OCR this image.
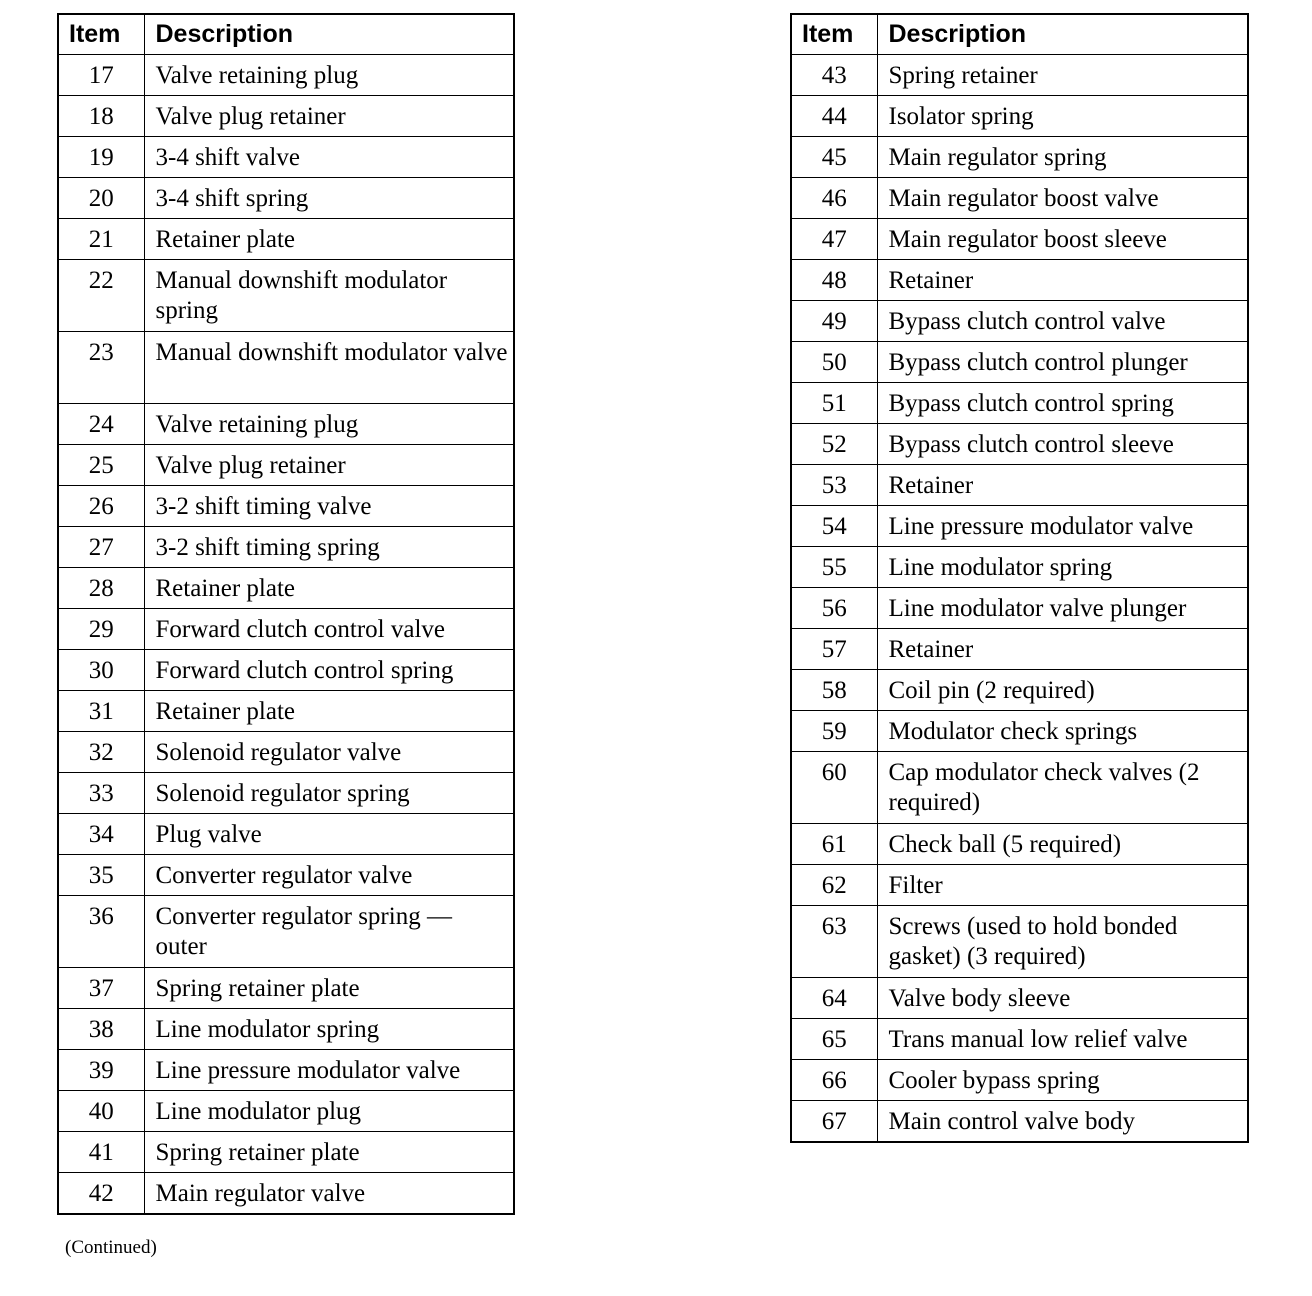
Item	Description
17	Valve retaining plug
18	Valve plug retainer
19	3-4 shift valve
20	3-4 shift spring
21	Retainer plate
22	Manual downshift modulator spring
23	Manual downshift modulator valve
24	Valve retaining plug
25	Valve plug retainer
26	3-2 shift timing valve
27	3-2 shift timing spring
28	Retainer plate
29	Forward clutch control valve
30	Forward clutch control spring
31	Retainer plate
32	Solenoid regulator valve
33	Solenoid regulator spring
34	Plug valve
35	Converter regulator valve
36	Converter regulator spring — outer
37	Spring retainer plate
38	Line modulator spring
39	Line pressure modulator valve
40	Line modulator plug
41	Spring retainer plate
42	Main regulator valve
Item	Description
43	Spring retainer
44	Isolator spring
45	Main regulator spring
46	Main regulator boost valve
47	Main regulator boost sleeve
48	Retainer
49	Bypass clutch control valve
50	Bypass clutch control plunger
51	Bypass clutch control spring
52	Bypass clutch control sleeve
53	Retainer
54	Line pressure modulator valve
55	Line modulator spring
56	Line modulator valve plunger
57	Retainer
58	Coil pin (2 required)
59	Modulator check springs
60	Cap modulator check valves (2 required)
61	Check ball (5 required)
62	Filter
63	Screws (used to hold bonded gasket) (3 required)
64	Valve body sleeve
65	Trans manual low relief valve
66	Cooler bypass spring
67	Main control valve body
(Continued)
